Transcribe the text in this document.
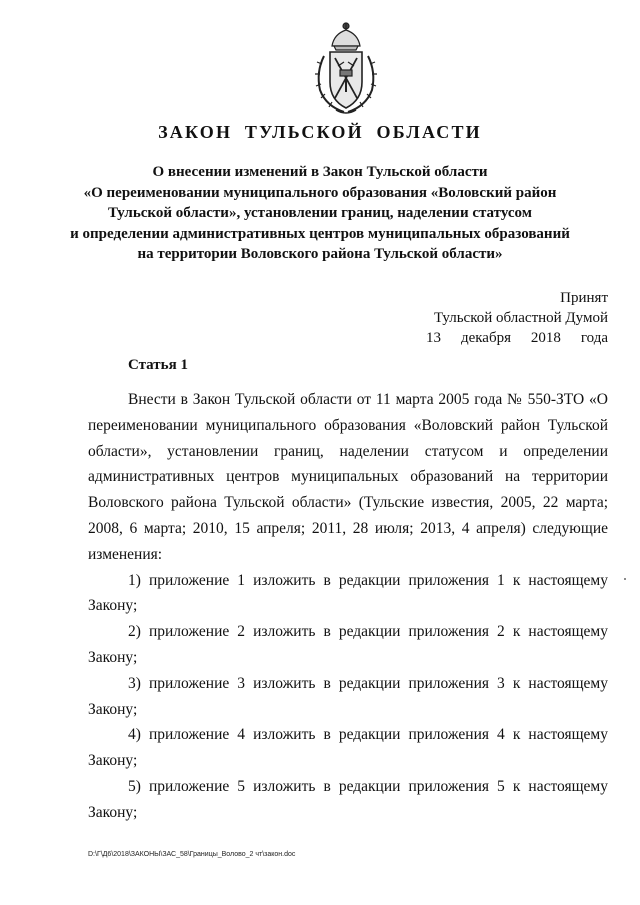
ЗАКОН ТУЛЬСКОЙ ОБЛАСТИ
О внесении изменений в Закон Тульской области
«О переименовании муниципального образования «Воловский район
Тульской области», установлении границ, наделении статусом
и определении административных центров муниципальных образований
на территории Воловского района Тульской области»
Принят
Тульской областной Думой
13 декабря 2018 года
Статья 1

Внести в Закон Тульской области от 11 марта 2005 года № 550-ЗТО «О переименовании муниципального образования «Воловский район Тульской области», установлении границ, наделении статусом и определении административных центров муниципальных образований на территории Воловского района Тульской области» (Тульские известия, 2005, 22 марта; 2008, 6 марта; 2010, 15 апреля; 2011, 28 июля; 2013, 4 апреля) следующие изменения:

1) приложение 1 изложить в редакции приложения 1 к настоящему Закону;

2) приложение 2 изложить в редакции приложения 2 к настоящему Закону;

3) приложение 3 изложить в редакции приложения 3 к настоящему Закону;

4) приложение 4 изложить в редакции приложения 4 к настоящему Закону;

5) приложение 5 изложить в редакции приложения 5 к настоящему Закону;

D:\Г\Д6\2018\ЗАКОНЫ\ЗАС_58\Границы_Волово_2 чт\закон.doc
